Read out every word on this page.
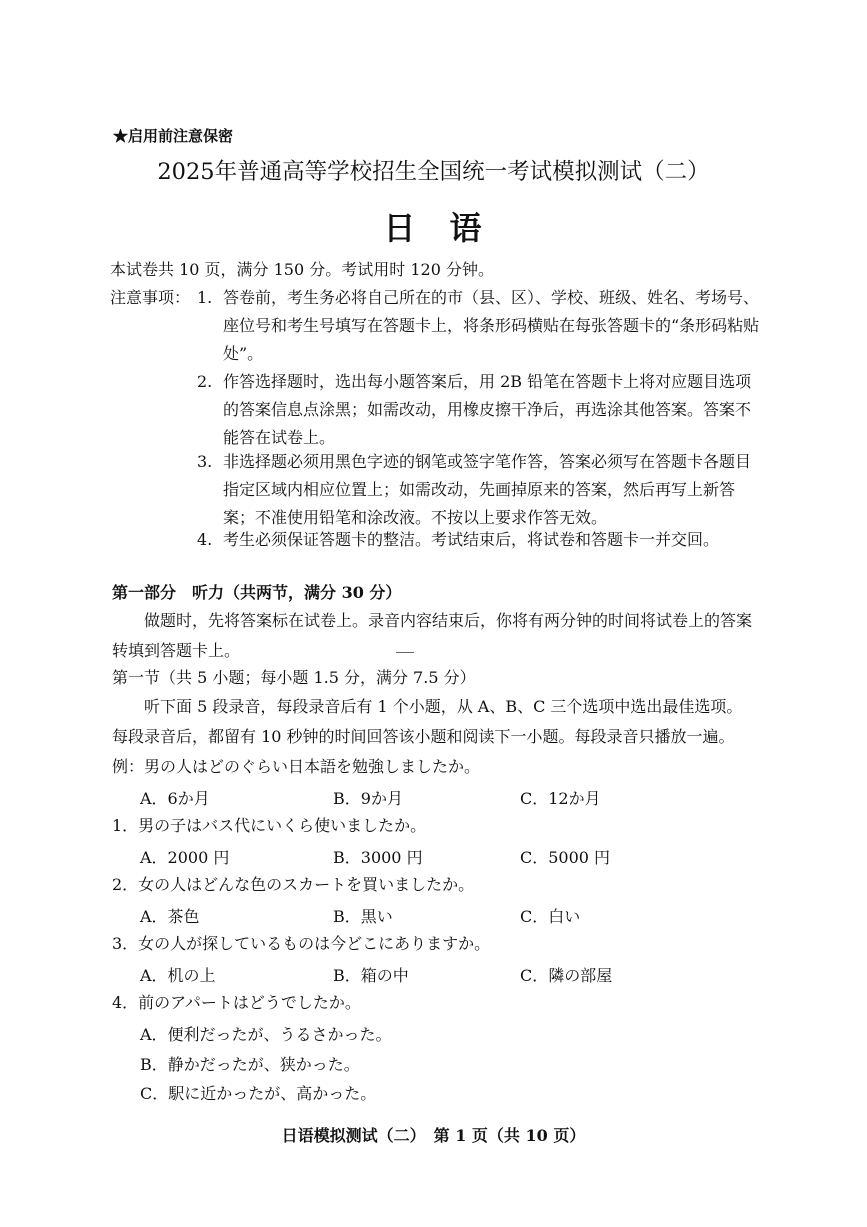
★启用前注意保密
2025年普通高等学校招生全国统一考试模拟测试（二）
日 语
本试卷共 10 页，满分 150 分。考试用时 120 分钟。
注意事项： 1. 答卷前，考生务必将自己所在的市（县、区）、学校、班级、姓名、考场号、座位号和考生号填写在答题卡上，将条形码横贴在每张答题卡的“条形码粘贴处”。
2. 作答选择题时，选出每小题答案后，用 2B 铅笔在答题卡上将对应题目选项的答案信息点涂黑；如需改动，用橡皮擦干净后，再选涂其他答案。答案不能答在试卷上。
3. 非选择题必须用黑色字迹的钢笔或签字笔作答，答案必须写在答题卡各题目指定区域内相应位置上；如需改动，先画掉原来的答案，然后再写上新答案；不准使用铅笔和涂改液。不按以上要求作答无效。
4. 考生必须保证答题卡的整洁。考试结束后，将试卷和答题卡一并交回。
第一部分　听力（共两节，满分 30 分）
做题时，先将答案标在试卷上。录音内容结束后，你将有两分钟的时间将试卷上的答案转填到答题卡上。
第一节（共 5 小题；每小题 1.5 分，满分 7.5 分）
听下面 5 段录音，每段录音后有 1 个小题，从 A、B、C 三个选项中选出最佳选项。每段录音后，都留有 10 秒钟的时间回答该小题和阅读下一小题。每段录音只播放一遍。
例：男の人はどのぐらい日本語を勉強しましたか。
A．6か月	B．9か月	C．12か月
1．男の子はバス代にいくら使いましたか。
A．2000 円	B．3000 円	C．5000 円
2．女の人はどんな色のスカートを買いましたか。
A．茶色	B．黒い	C．白い
3．女の人が探しているものは今どこにありますか。
A．机の上	B．箱の中	C．隣の部屋
4．前のアパートはどうでしたか。
A．便利だったが、うるさかった。
B．静かだったが、狭かった。
C．駅に近かったが、高かった。
日语模拟测试（二）　第 1 页（共 10 页）
